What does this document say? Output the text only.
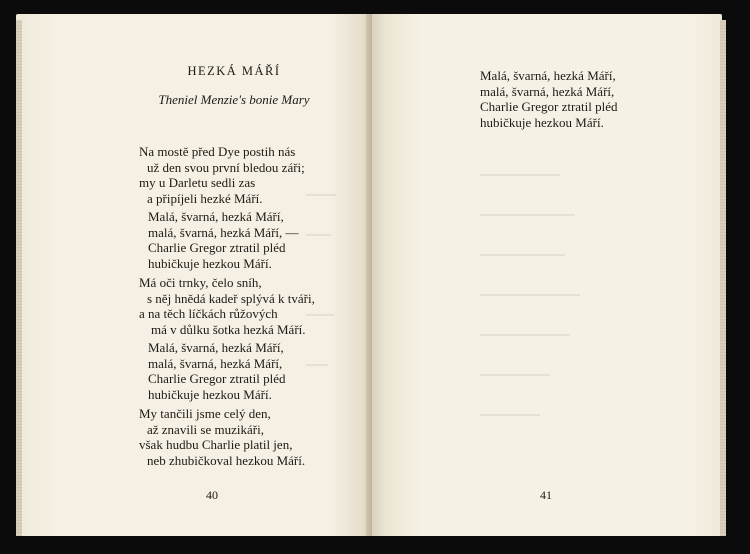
HEZKÁ MÁŘÍ
Theniel Menzie's bonie Mary
Na mostě před Dye postih nás
už den svou první bledou záři;
my u Darletu sedli zas
a připíjeli hezké Máří.
Malá, švarná, hezká Máří,
malá, švarná, hezká Máří, —
Charlie Gregor ztratil pléd
hubičkuje hezkou Máří.
Má oči trnky, čelo sníh,
s něj hnědá kadeř splývá k tváři,
a na těch líčkách růžových
má v důlku šotka hezká Máří.
Malá, švarná, hezká Máří,
malá, švarná, hezká Máří,
Charlie Gregor ztratil pléd
hubičkuje hezkou Máří.
My tančili jsme celý den,
až znavili se muzikáři,
však hudbu Charlie platil jen,
neb zhubičkoval hezkou Máří.
40
Malá, švarná, hezká Máří,
malá, švarná, hezká Máří,
Charlie Gregor ztratil pléd
hubičkuje hezkou Máří.
41
